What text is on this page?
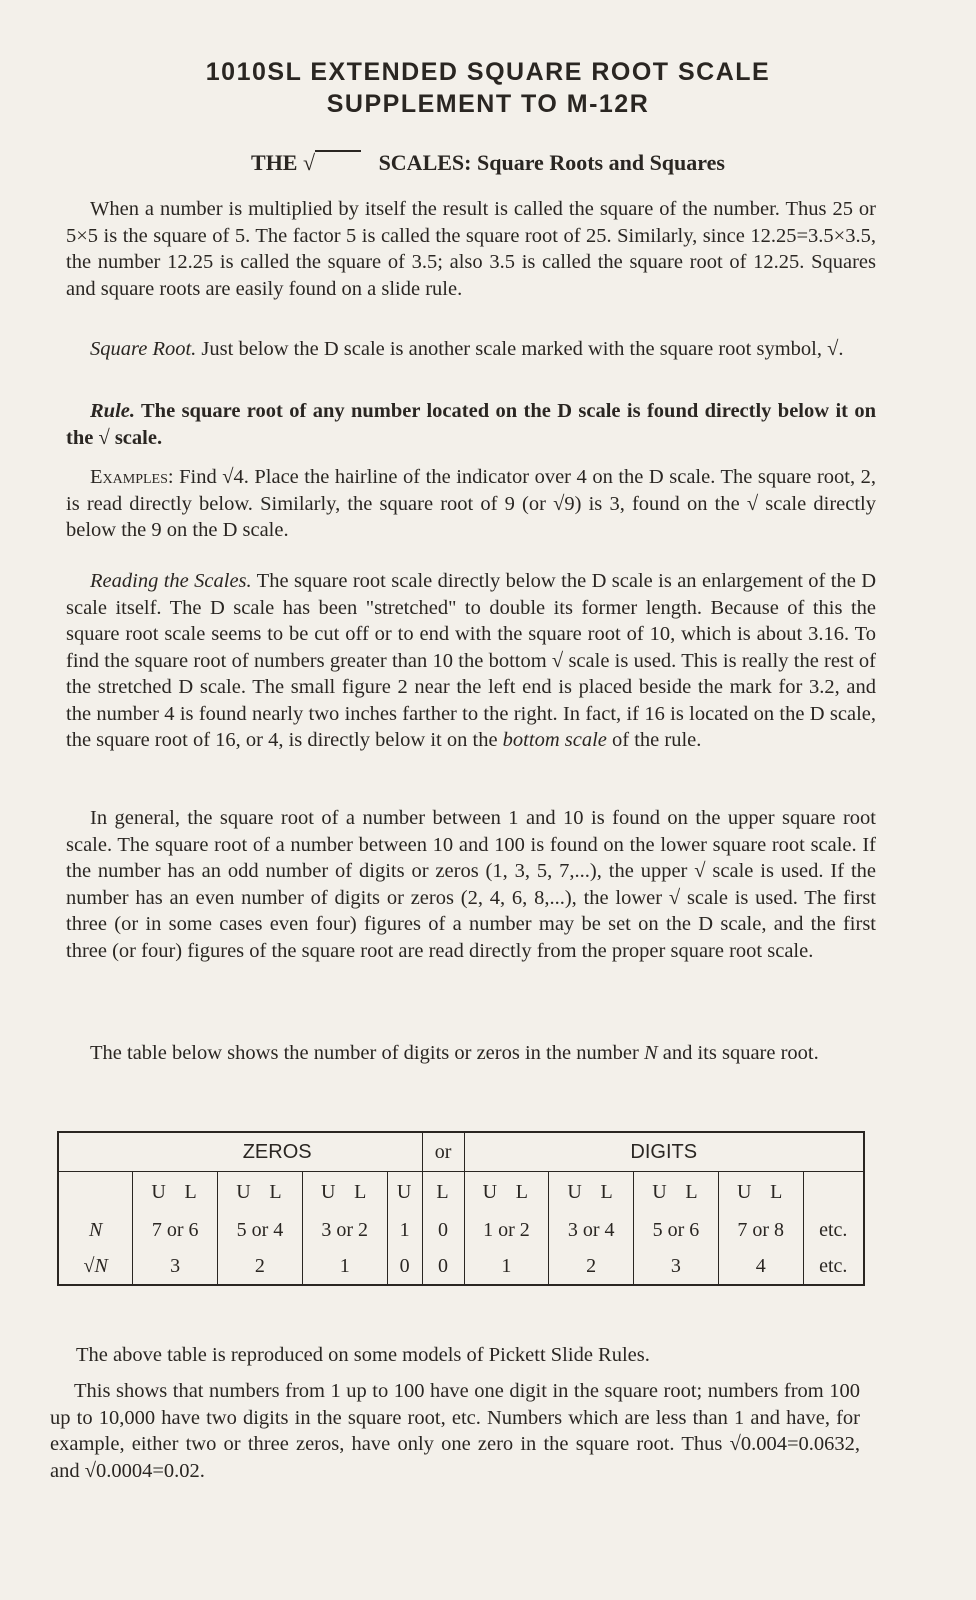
1010SL EXTENDED SQUARE ROOT SCALE
SUPPLEMENT TO M-12R
THE √	SCALES: Square Roots and Squares

When a number is multiplied by itself the result is called the square of the number. Thus 25 or 5×5 is the square of 5. The factor 5 is called the square root of 25. Similarly, since 12.25=3.5×3.5, the number 12.25 is called the square of 3.5; also 3.5 is called the square root of 12.25. Squares and square roots are easily found on a slide rule.

Square Root. Just below the D scale is another scale marked with the square root symbol, √.

Rule. The square root of any number located on the D scale is found directly below it on the √ scale.

Examples: Find √4. Place the hairline of the indicator over 4 on the D scale. The square root, 2, is read directly below. Similarly, the square root of 9 (or √9) is 3, found on the √ scale directly below the 9 on the D scale.

Reading the Scales. The square root scale directly below the D scale is an enlargement of the D scale itself. The D scale has been "stretched" to double its former length. Because of this the square root scale seems to be cut off or to end with the square root of 10, which is about 3.16. To find the square root of numbers greater than 10 the bottom √ scale is used. This is really the rest of the stretched D scale. The small figure 2 near the left end is placed beside the mark for 3.2, and the number 4 is found nearly two inches farther to the right. In fact, if 16 is located on the D scale, the square root of 16, or 4, is directly below it on the bottom scale of the rule.

In general, the square root of a number between 1 and 10 is found on the upper square root scale. The square root of a number between 10 and 100 is found on the lower square root scale. If the number has an odd number of digits or zeros (1, 3, 5, 7,...), the upper √ scale is used. If the number has an even number of digits or zeros (2, 4, 6, 8,...), the lower √ scale is used. The first three (or in some cases even four) figures of a number may be set on the D scale, and the first three (or four) figures of the square root are read directly from the proper square root scale.

The table below shows the number of digits or zeros in the number N and its square root.

	ZEROS				or	DIGITS				
	U L	U L	U L	U	L	U L	U L	U L	U L	
N	7 or 6	5 or 4	3 or 2	1	0	1 or 2	3 or 4	5 or 6	7 or 8	etc.
√N	3	2	1	0	0	1	2	3	4	etc.

The above table is reproduced on some models of Pickett Slide Rules.

This shows that numbers from 1 up to 100 have one digit in the square root; numbers from 100 up to 10,000 have two digits in the square root, etc. Numbers which are less than 1 and have, for example, either two or three zeros, have only one zero in the square root. Thus √0.004=0.0632, and √0.0004=0.02.
